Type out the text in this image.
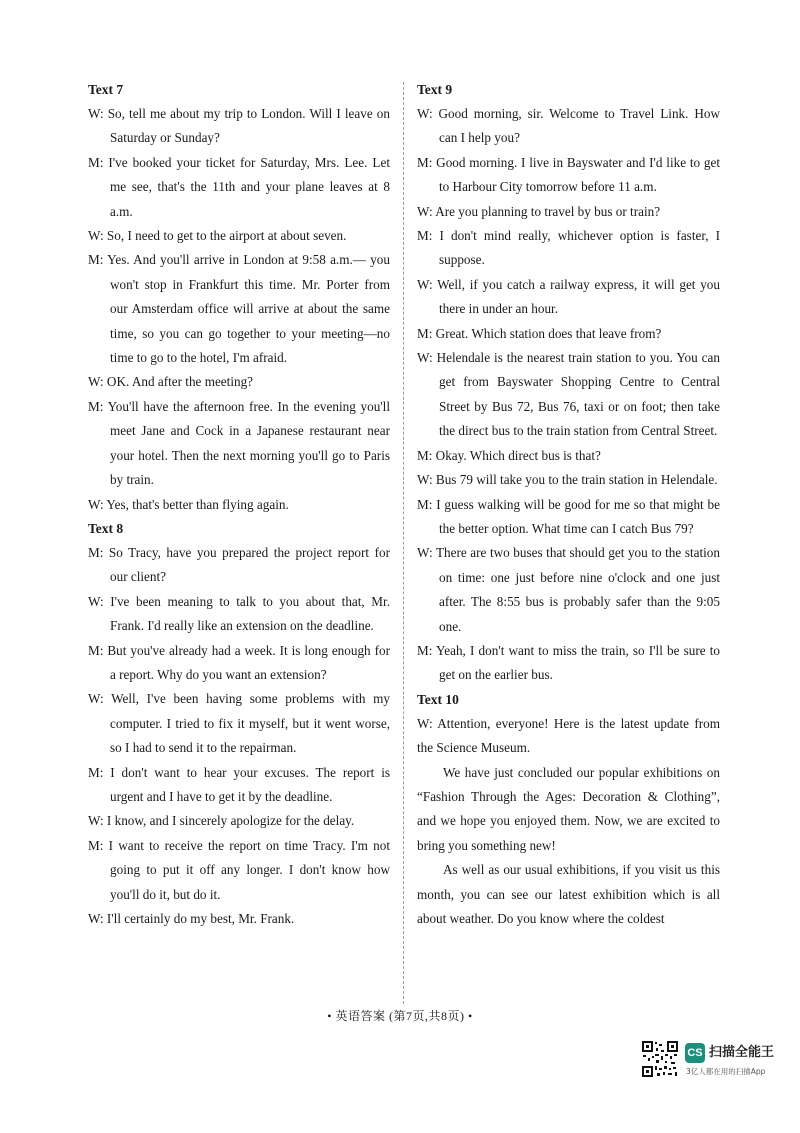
Text 7
W: So, tell me about my trip to London. Will I leave on Saturday or Sunday?
M: I've booked your ticket for Saturday, Mrs. Lee. Let me see, that's the 11th and your plane leaves at 8 a.m.
W: So, I need to get to the airport at about seven.
M: Yes. And you'll arrive in London at 9:58 a.m.— you won't stop in Frankfurt this time. Mr. Porter from our Amsterdam office will arrive at about the same time, so you can go together to your meeting—no time to go to the hotel, I'm afraid.
W: OK. And after the meeting?
M: You'll have the afternoon free. In the evening you'll meet Jane and Cock in a Japanese restaurant near your hotel. Then the next morning you'll go to Paris by train.
W: Yes, that's better than flying again.
Text 8
M: So Tracy, have you prepared the project report for our client?
W: I've been meaning to talk to you about that, Mr. Frank. I'd really like an extension on the deadline.
M: But you've already had a week. It is long enough for a report. Why do you want an extension?
W: Well, I've been having some problems with my computer. I tried to fix it myself, but it went worse, so I had to send it to the repairman.
M: I don't want to hear your excuses. The report is urgent and I have to get it by the deadline.
W: I know, and I sincerely apologize for the delay.
M: I want to receive the report on time Tracy. I'm not going to put it off any longer. I don't know how you'll do it, but do it.
W: I'll certainly do my best, Mr. Frank.
Text 9
W: Good morning, sir. Welcome to Travel Link. How can I help you?
M: Good morning. I live in Bayswater and I'd like to get to Harbour City tomorrow before 11 a.m.
W: Are you planning to travel by bus or train?
M: I don't mind really, whichever option is faster, I suppose.
W: Well, if you catch a railway express, it will get you there in under an hour.
M: Great. Which station does that leave from?
W: Helendale is the nearest train station to you. You can get from Bayswater Shopping Centre to Central Street by Bus 72, Bus 76, taxi or on foot; then take the direct bus to the train station from Central Street.
M: Okay. Which direct bus is that?
W: Bus 79 will take you to the train station in Helendale.
M: I guess walking will be good for me so that might be the better option. What time can I catch Bus 79?
W: There are two buses that should get you to the station on time: one just before nine o'clock and one just after. The 8:55 bus is probably safer than the 9:05 one.
M: Yeah, I don't want to miss the train, so I'll be sure to get on the earlier bus.
Text 10
W: Attention, everyone! Here is the latest update from the Science Museum.
We have just concluded our popular exhibitions on “Fashion Through the Ages: Decoration & Clothing”, and we hope you enjoyed them. Now, we are excited to bring you something new!
As well as our usual exhibitions, if you visit us this month, you can see our latest exhibition which is all about weather. Do you know where the coldest
• 英语答案 (第7页,共8页) •
CS 扫描全能王
3亿人都在用的扫描App
